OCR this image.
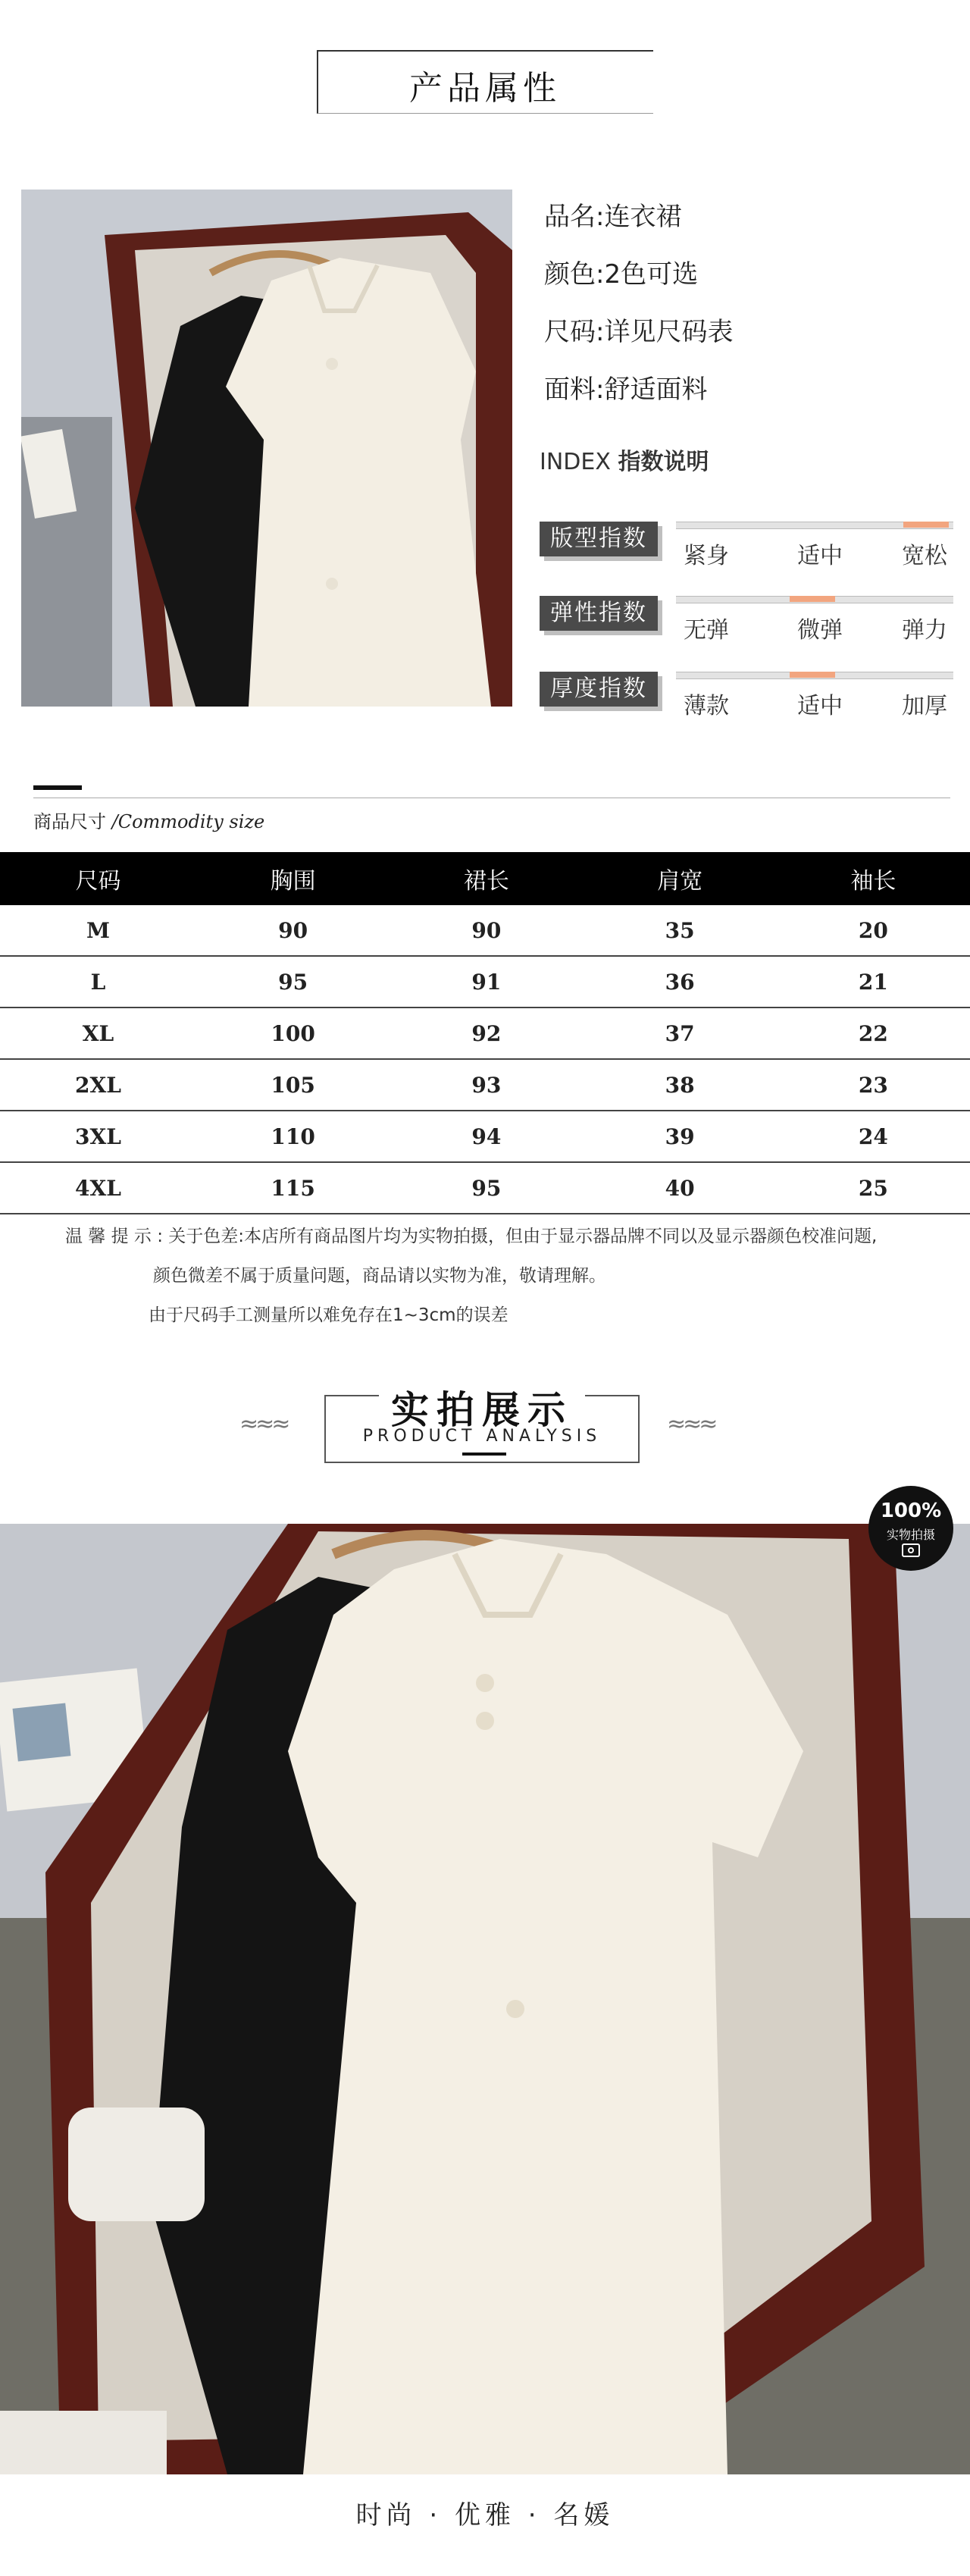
产品属性
品名:连衣裙
颜色:2色可选
尺码:详见尺码表
面料:舒适面料
INDEX 指数说明
版型指数
紧身	适中	宽松
弹性指数
无弹	微弹	弹力
厚度指数
薄款	适中	加厚
商品尺寸 /Commodity size
尺码	胸围	裙长	肩宽	袖长
M	90	90	35	20
L	95	91	36	21
XL	100	92	37	22
2XL	105	93	38	23
3XL	110	94	39	24
4XL	115	95	40	25
温 馨 提 示 : 关于色差:本店所有商品图片均为实物拍摄，但由于显示器品牌不同以及显示器颜色校准问题,
颜色微差不属于质量问题，商品请以实物为准，敬请理解。
由于尺码手工测量所以难免存在1~3cm的误差
≈≈≈	实拍展示
PRODUCT ANALYSIS	≈≈≈
100%
实物拍摄
时尚 · 优雅 · 名媛
